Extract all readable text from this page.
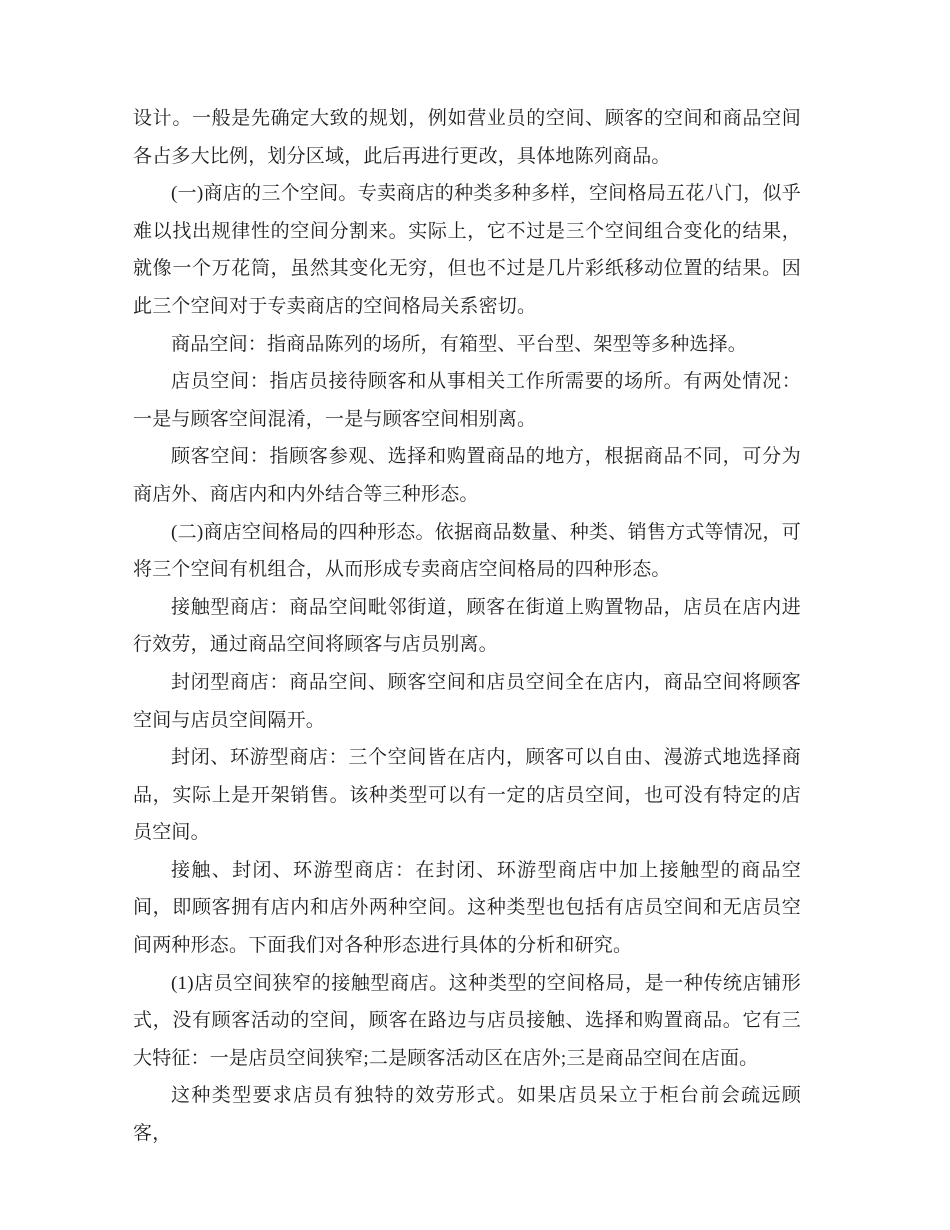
设计。一般是先确定大致的规划，例如营业员的空间、顾客的空间和商品空间各占多大比例，划分区域，此后再进行更改，具体地陈列商品。

(一)商店的三个空间。专卖商店的种类多种多样，空间格局五花八门，似乎难以找出规律性的空间分割来。实际上，它不过是三个空间组合变化的结果，就像一个万花筒，虽然其变化无穷，但也不过是几片彩纸移动位置的结果。因此三个空间对于专卖商店的空间格局关系密切。

商品空间：指商品陈列的场所，有箱型、平台型、架型等多种选择。

店员空间：指店员接待顾客和从事相关工作所需要的场所。有两处情况：一是与顾客空间混淆，一是与顾客空间相别离。

顾客空间：指顾客参观、选择和购置商品的地方，根据商品不同，可分为商店外、商店内和内外结合等三种形态。

(二)商店空间格局的四种形态。依据商品数量、种类、销售方式等情况，可将三个空间有机组合，从而形成专卖商店空间格局的四种形态。

接触型商店：商品空间毗邻街道，顾客在街道上购置物品，店员在店内进行效劳，通过商品空间将顾客与店员别离。

封闭型商店：商品空间、顾客空间和店员空间全在店内，商品空间将顾客空间与店员空间隔开。

封闭、环游型商店：三个空间皆在店内，顾客可以自由、漫游式地选择商品，实际上是开架销售。该种类型可以有一定的店员空间，也可没有特定的店员空间。

接触、封闭、环游型商店：在封闭、环游型商店中加上接触型的商品空间，即顾客拥有店内和店外两种空间。这种类型也包括有店员空间和无店员空间两种形态。下面我们对各种形态进行具体的分析和研究。

(1)店员空间狭窄的接触型商店。这种类型的空间格局，是一种传统店铺形式，没有顾客活动的空间，顾客在路边与店员接触、选择和购置商品。它有三大特征：一是店员空间狭窄;二是顾客活动区在店外;三是商品空间在店面。

这种类型要求店员有独特的效劳形式。如果店员呆立于柜台前会疏远顾客，
